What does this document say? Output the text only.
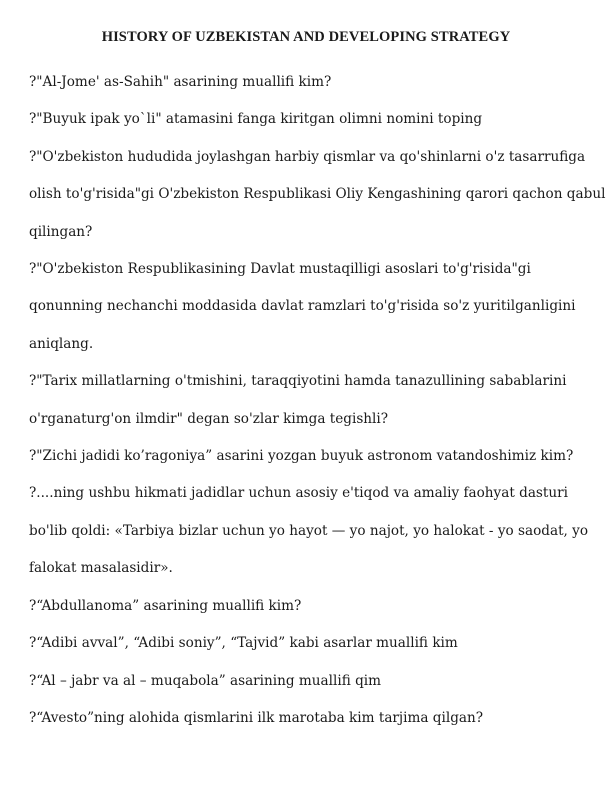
HISTORY OF UZBEKISTAN AND DEVELOPING STRATEGY
?"Al-Jome' as-Sahih" asarining muallifi kim?
?"Buyuk ipak yo`li" atamasini fanga kiritgan olimni nomini toping
?"O'zbekiston hududida joylashgan harbiy qismlar va qo'shinlarni o'z tasarrufiga
olish to'g'risida"gi O'zbekiston Respublikasi Oliy Kengashining qarori qachon qabul
qilingan?
?"O'zbekiston Respublikasining Davlat mustaqilligi asoslari to'g'risida"gi
qonunning nechanchi moddasida davlat ramzlari to'g'risida so'z yuritilganligini
aniqlang.
?"Tarix millatlarning o'tmishini, taraqqiyotini hamda tanazullining sabablarini
o'rganaturg'on ilmdir" degan so'zlar kimga tegishli?
?"Zichi jadidi ko’ragoniya” asarini yozgan buyuk astronom vatandoshimiz kim?
?....ning ushbu hikmati jadidlar uchun asosiy e'tiqod va amaliy faohyat dasturi
bo'lib qoldi: «Tarbiya bizlar uchun yo hayot — yo najot, yo halokat - yo saodat, yo
falokat masalasidir».
?“Abdullanoma” asarining muallifi kim?
?“Adibi avval”, “Adibi soniy”, “Tajvid” kabi asarlar muallifi kim
?“Al – jabr va al – muqabola” asarining muallifi qim
?“Avesto”ning alohida qismlarini ilk marotaba kim tarjima qilgan?
